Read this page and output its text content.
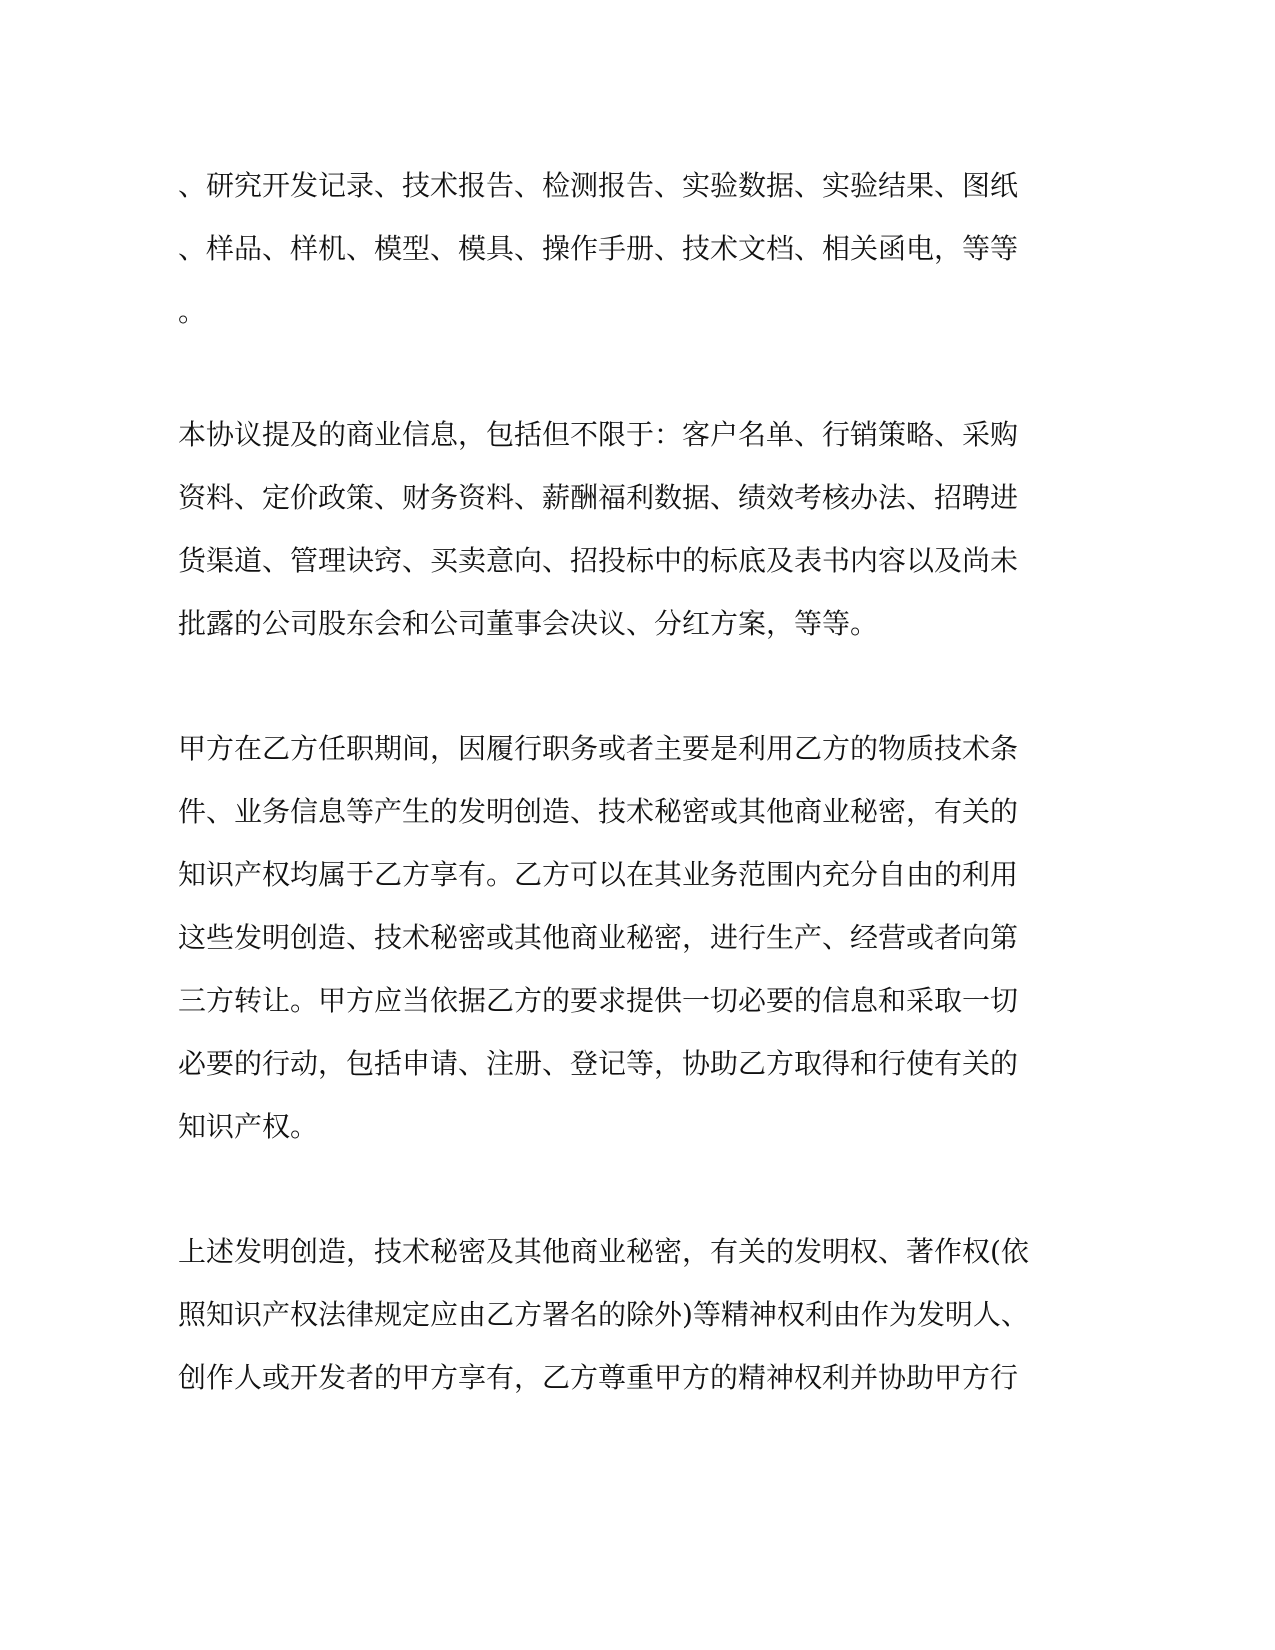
、研究开发记录、技术报告、检测报告、实验数据、实验结果、图纸
、样品、样机、模型、模具、操作手册、技术文档、相关函电，等等
。
本协议提及的商业信息，包括但不限于：客户名单、行销策略、采购
资料、定价政策、财务资料、薪酬福利数据、绩效考核办法、招聘进
货渠道、管理诀窍、买卖意向、招投标中的标底及表书内容以及尚未
批露的公司股东会和公司董事会决议、分红方案，等等。
甲方在乙方任职期间，因履行职务或者主要是利用乙方的物质技术条
件、业务信息等产生的发明创造、技术秘密或其他商业秘密，有关的
知识产权均属于乙方享有。乙方可以在其业务范围内充分自由的利用
这些发明创造、技术秘密或其他商业秘密，进行生产、经营或者向第
三方转让。甲方应当依据乙方的要求提供一切必要的信息和采取一切
必要的行动，包括申请、注册、登记等，协助乙方取得和行使有关的
知识产权。
上述发明创造，技术秘密及其他商业秘密，有关的发明权、著作权(依
照知识产权法律规定应由乙方署名的除外)等精神权利由作为发明人、
创作人或开发者的甲方享有，乙方尊重甲方的精神权利并协助甲方行
